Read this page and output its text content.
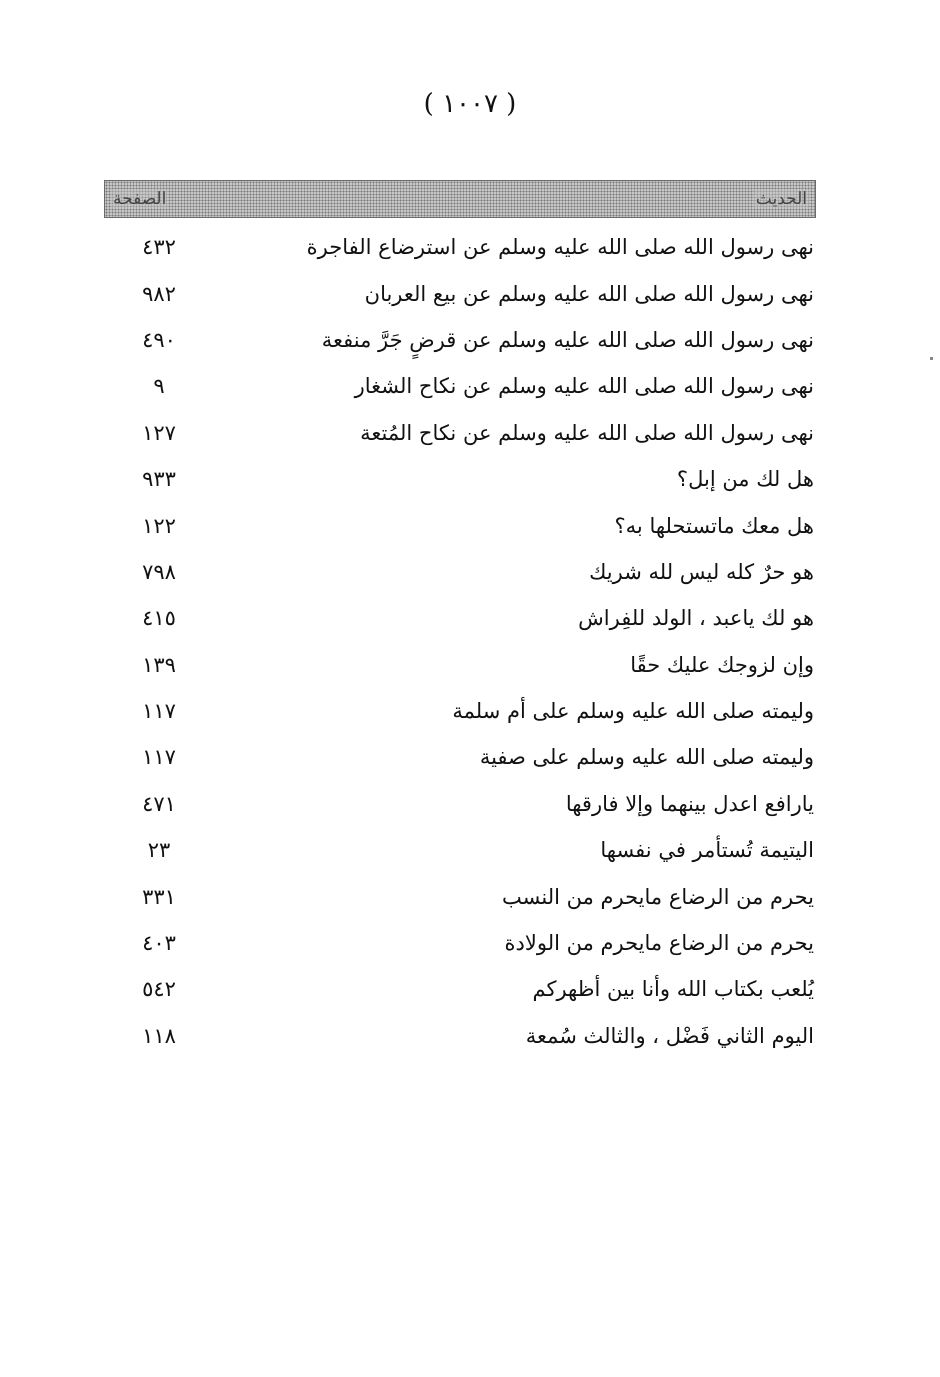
( ١٠٠٧ )
الحديث
الصفحة
نهى رسول الله صلى الله عليه وسلم عن استرضاع الفاجرة
٤٣٢
نهى رسول الله صلى الله عليه وسلم عن بيع العربان
٩٨٢
نهى رسول الله صلى الله عليه وسلم عن قرضٍ جَرَّ منفعة
٤٩٠
نهى رسول الله صلى الله عليه وسلم عن نكاح الشغار
٩
نهى رسول الله صلى الله عليه وسلم عن نكاح المُتعة
١٢٧
هل لك من إبل؟
٩٣٣
هل معك ماتستحلها به؟
١٢٢
هو حرٌ كله ليس لله شريك
٧٩٨
هو لك ياعبد ، الولد للفِراش
٤١٥
وإن لزوجك عليك حقًا
١٣٩
وليمته صلى الله عليه وسلم على أم سلمة
١١٧
وليمته صلى الله عليه وسلم على صفية
١١٧
يارافع اعدل بينهما وإلا فارقها
٤٧١
اليتيمة تُستأمر في نفسها
٢٣
يحرم من الرضاع مايحرم من النسب
٣٣١
يحرم من الرضاع مايحرم من الولادة
٤٠٣
يُلعب بكتاب الله وأنا بين أظهركم
٥٤٢
اليوم الثاني فَضْل ، والثالث سُمعة
١١٨
